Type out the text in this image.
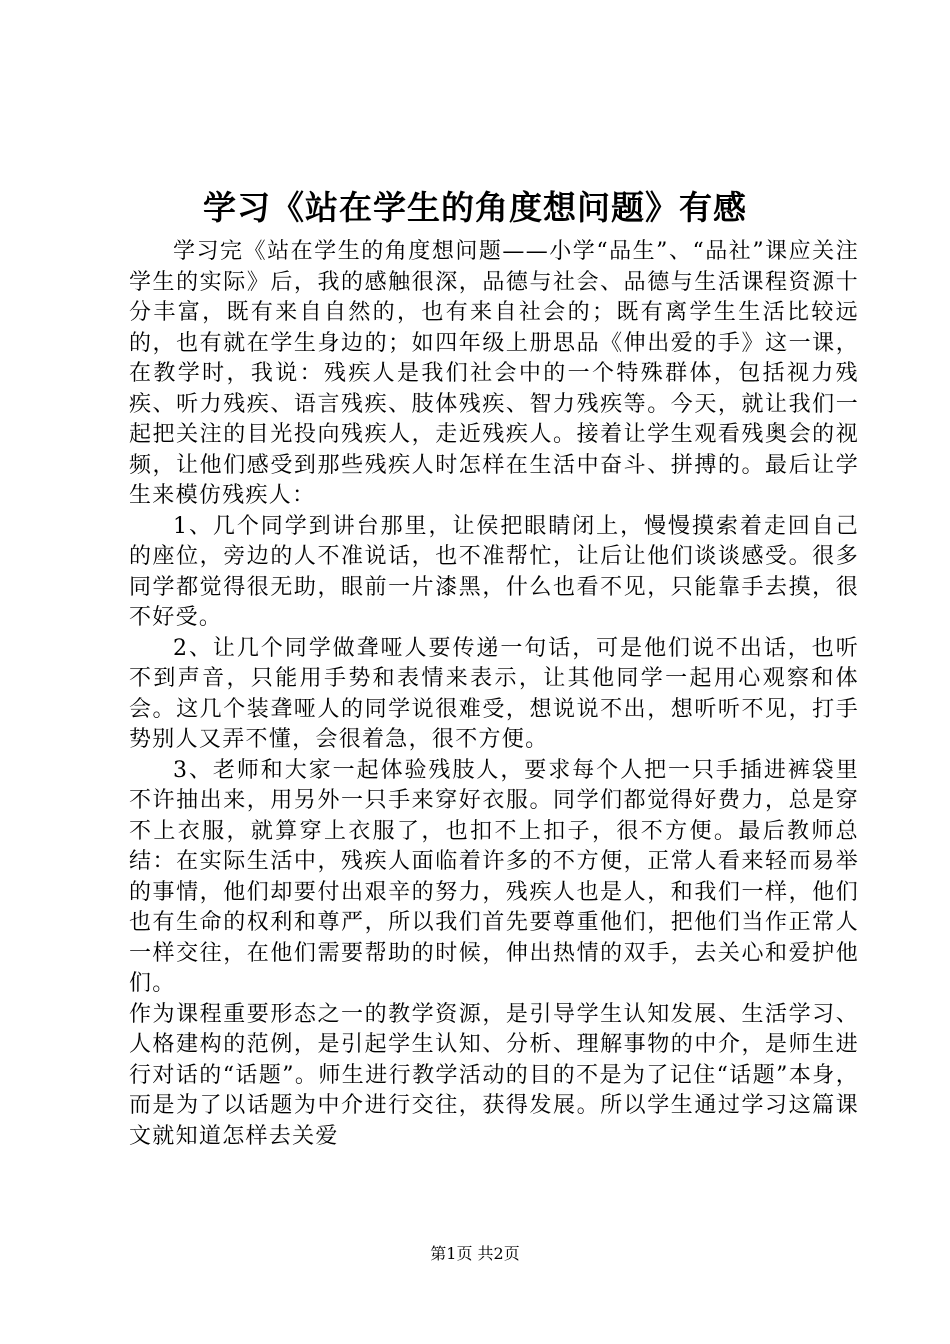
学习《站在学生的角度想问题》有感

学习完《站在学生的角度想问题——小学“品生”、“品社”课应关注学生的实际》后，我的感触很深，品德与社会、品德与生活课程资源十分丰富，既有来自自然的，也有来自社会的；既有离学生生活比较远的，也有就在学生身边的；如四年级上册思品《伸出爱的手》这一课，在教学时，我说：残疾人是我们社会中的一个特殊群体，包括视力残疾、听力残疾、语言残疾、肢体残疾、智力残疾等。今天，就让我们一起把关注的目光投向残疾人，走近残疾人。接着让学生观看残奥会的视频，让他们感受到那些残疾人时怎样在生活中奋斗、拼搏的。最后让学生来模仿残疾人：

1、几个同学到讲台那里，让侯把眼睛闭上，慢慢摸索着走回自己的座位，旁边的人不准说话，也不准帮忙，让后让他们谈谈感受。很多同学都觉得很无助，眼前一片漆黑，什么也看不见，只能靠手去摸，很不好受。

2、让几个同学做聋哑人要传递一句话，可是他们说不出话，也听不到声音，只能用手势和表情来表示，让其他同学一起用心观察和体会。这几个装聋哑人的同学说很难受，想说说不出，想听听不见，打手势别人又弄不懂，会很着急，很不方便。

3、老师和大家一起体验残肢人，要求每个人把一只手插进裤袋里不许抽出来，用另外一只手来穿好衣服。同学们都觉得好费力，总是穿不上衣服，就算穿上衣服了，也扣不上扣子，很不方便。最后教师总结：在实际生活中，残疾人面临着许多的不方便，正常人看来轻而易举的事情，他们却要付出艰辛的努力，残疾人也是人，和我们一样，他们也有生命的权利和尊严，所以我们首先要尊重他们，把他们当作正常人一样交往，在他们需要帮助的时候，伸出热情的双手，去关心和爱护他们。

作为课程重要形态之一的教学资源，是引导学生认知发展、生活学习、人格建构的范例，是引起学生认知、分析、理解事物的中介，是师生进行对话的“话题”。师生进行教学活动的目的不是为了记住“话题”本身，而是为了以话题为中介进行交往，获得发展。所以学生通过学习这篇课文就知道怎样去关爱

第1页 共2页
